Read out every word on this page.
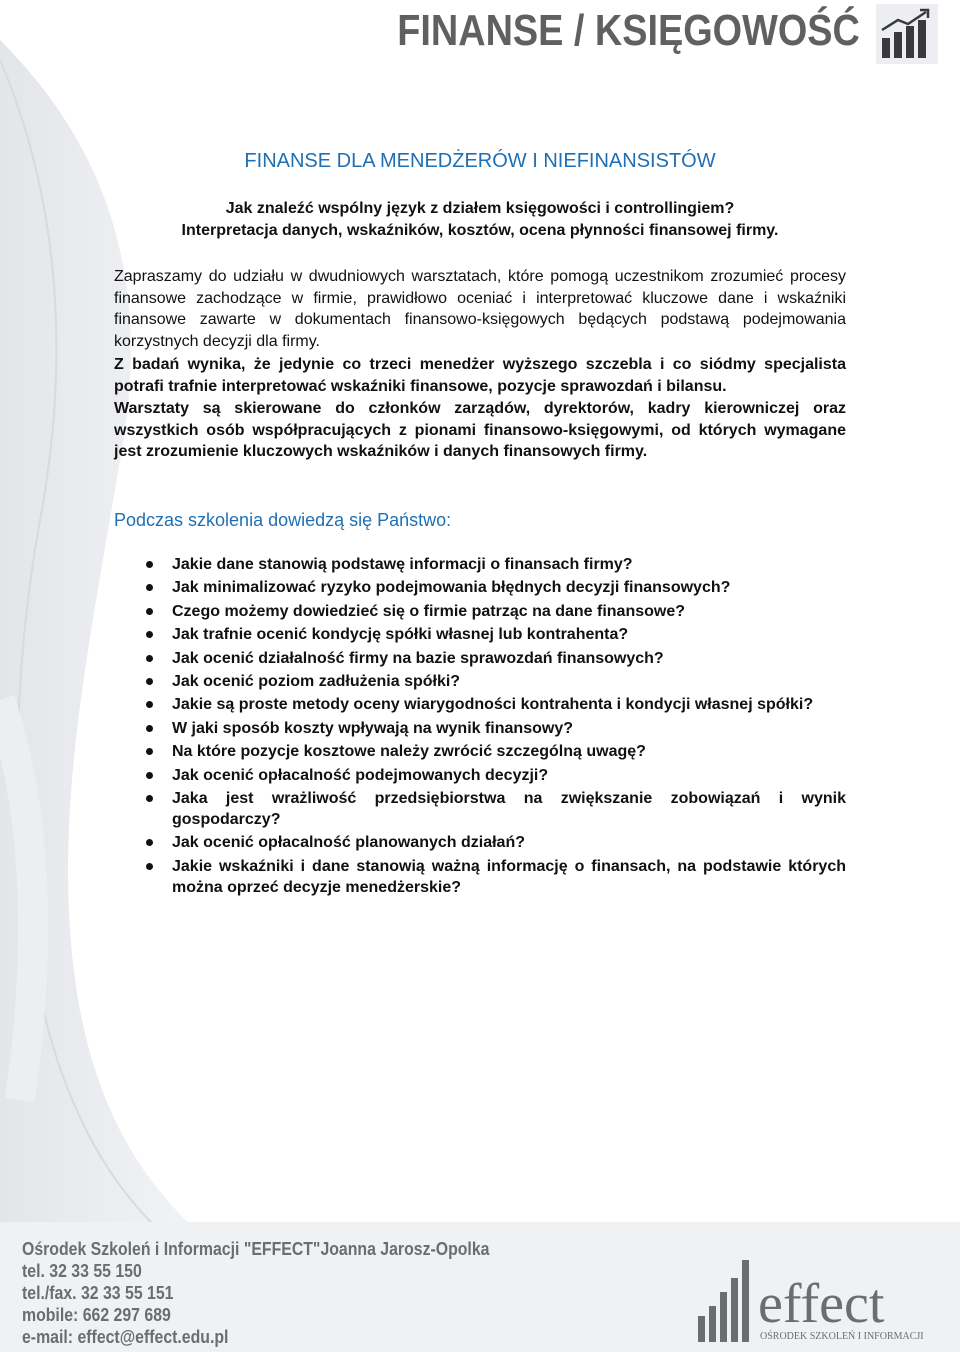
FINANSE / KSIĘGOWOŚĆ
FINANSE DLA MENEDŻERÓW I NIEFINANSISTÓW
Jak znaleźć wspólny język z działem księgowości i controllingiem?
Interpretacja danych, wskaźników, kosztów, ocena płynności finansowej firmy.
Zapraszamy do udziału w dwudniowych warsztatach, które pomogą uczestnikom zrozumieć procesy finansowe zachodzące w firmie, prawidłowo oceniać i interpretować kluczowe dane i wskaźniki finansowe zawarte w dokumentach finansowo-księgowych będących podstawą podejmowania korzystnych decyzji dla firmy.
Z badań wynika, że jedynie co trzeci menedżer wyższego szczebla i co siódmy specjalista potrafi trafnie interpretować wskaźniki finansowe, pozycje sprawozdań i bilansu.
Warsztaty są skierowane do członków zarządów, dyrektorów, kadry kierowniczej oraz wszystkich osób współpracujących z pionami finansowo-księgowymi, od których wymagane jest zrozumienie kluczowych wskaźników i danych finansowych firmy.
Podczas szkolenia dowiedzą się Państwo:
Jakie dane stanowią podstawę informacji o finansach firmy?
Jak minimalizować ryzyko podejmowania błędnych decyzji finansowych?
Czego możemy dowiedzieć się o firmie patrząc na dane finansowe?
Jak trafnie ocenić kondycję spółki własnej lub kontrahenta?
Jak ocenić działalność firmy na bazie sprawozdań finansowych?
Jak ocenić poziom zadłużenia spółki?
Jakie są proste metody oceny wiarygodności kontrahenta i kondycji własnej spółki?
W jaki sposób koszty wpływają na wynik finansowy?
Na które pozycje kosztowe należy zwrócić szczególną uwagę?
Jak ocenić opłacalność podejmowanych decyzji?
Jaka jest wrażliwość przedsiębiorstwa na zwiększanie zobowiązań i wynik gospodarczy?
Jak ocenić opłacalność planowanych działań?
Jakie wskaźniki i dane stanowią ważną informację o finansach, na podstawie których można oprzeć decyzje menedżerskie?
Ośrodek Szkoleń i Informacji "EFFECT"Joanna Jarosz-Opolka
tel. 32 33 55 150
tel./fax. 32 33 55 151
mobile: 662 297 689
e-mail: effect@effect.edu.pl
effect
OŚRODEK SZKOLEŃ I INFORMACJI
